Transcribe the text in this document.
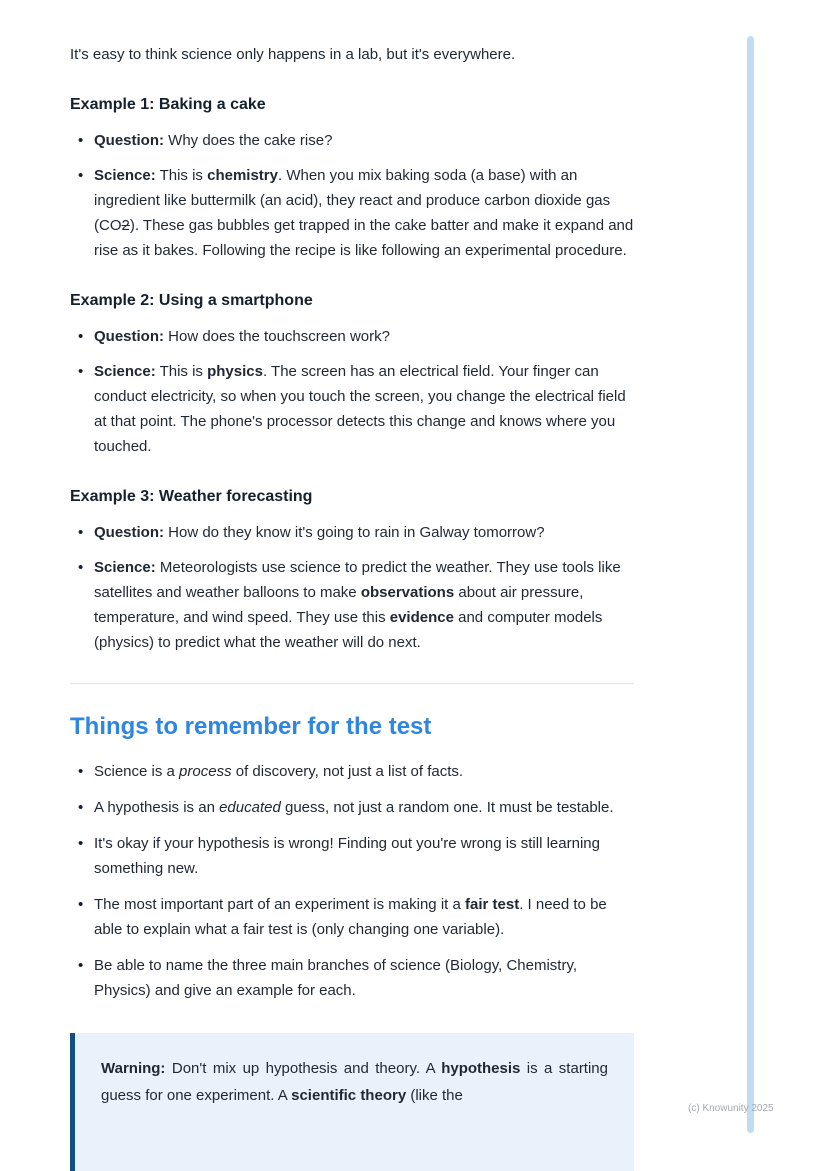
It's easy to think science only happens in a lab, but it's everywhere.

Example 1: Baking a cake
• Question: Why does the cake rise?
• Science: This is chemistry. When you mix baking soda (a base) with an ingredient like buttermilk (an acid), they react and produce carbon dioxide gas (CO2). These gas bubbles get trapped in the cake batter and make it expand and rise as it bakes. Following the recipe is like following an experimental procedure.
Example 2: Using a smartphone
• Question: How does the touchscreen work?
• Science: This is physics. The screen has an electrical field. Your finger can conduct electricity, so when you touch the screen, you change the electrical field at that point. The phone's processor detects this change and knows where you touched.
Example 3: Weather forecasting
• Question: How do they know it's going to rain in Galway tomorrow?
• Science: Meteorologists use science to predict the weather. They use tools like satellites and weather balloons to make observations about air pressure, temperature, and wind speed. They use this evidence and computer models (physics) to predict what the weather will do next.
Things to remember for the test
• Science is a process of discovery, not just a list of facts.
• A hypothesis is an educated guess, not just a random one. It must be testable.
• It's okay if your hypothesis is wrong! Finding out you're wrong is still learning something new.
• The most important part of an experiment is making it a fair test. I need to be able to explain what a fair test is (only changing one variable).
• Be able to name the three main branches of science (Biology, Chemistry, Physics) and give an example for each.

Warning: Don't mix up hypothesis and theory. A hypothesis is a starting guess for one experiment. A scientific theory (like the

(c) Knowunity 2025
